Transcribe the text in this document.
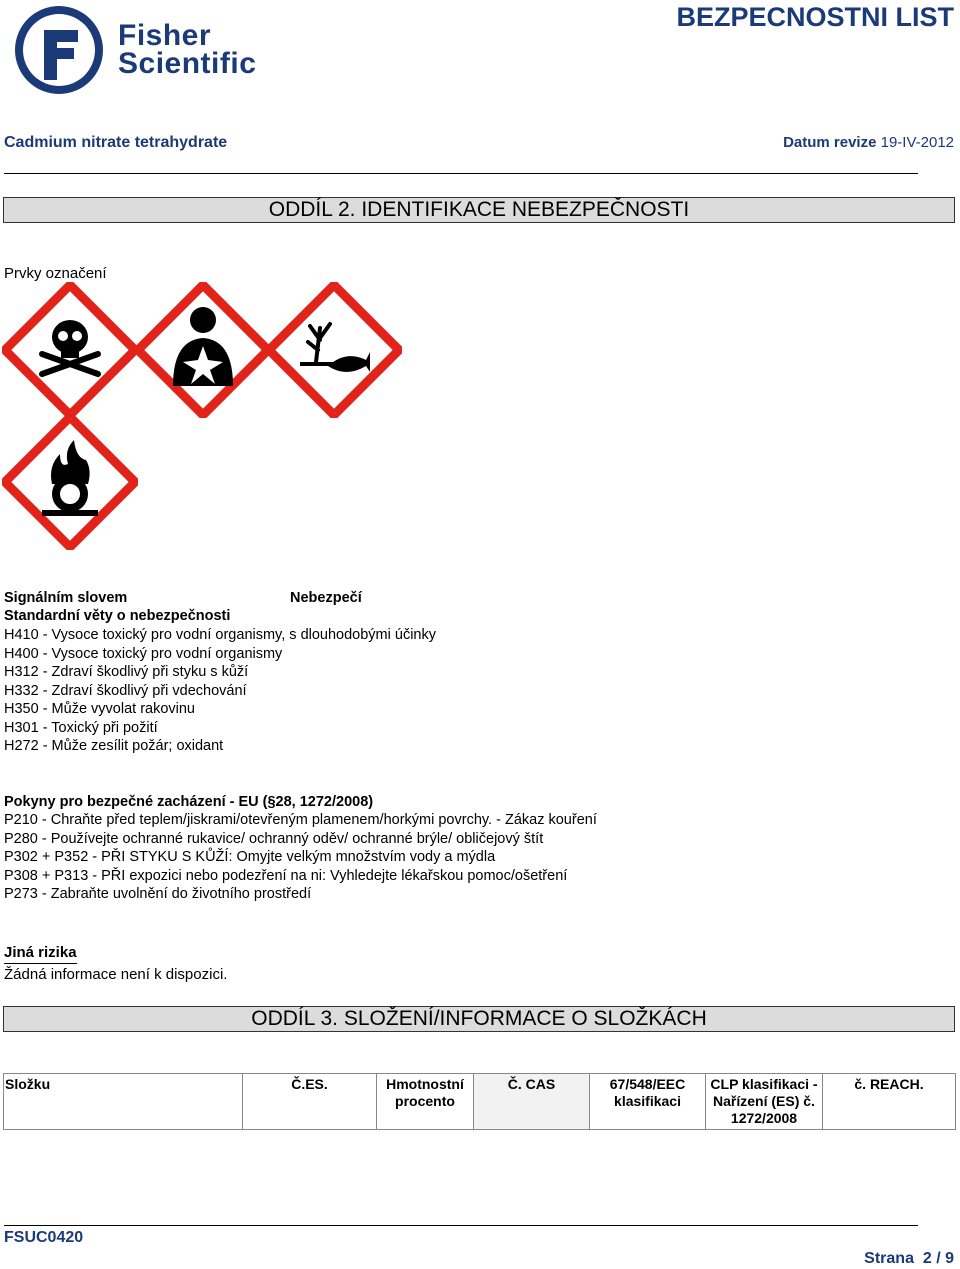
Fisher
Scientific
BEZPECNOSTNI LIST
Cadmium nitrate tetrahydrate	Datum revize 19-IV-2012
ODDÍL 2. IDENTIFIKACE NEBEZPEČNOSTI
Prvky označení
Signálním slovem	Nebezpečí
Standardní věty o nebezpečnosti
H410 - Vysoce toxický pro vodní organismy, s dlouhodobými účinky
H400 - Vysoce toxický pro vodní organismy
H312 - Zdraví škodlivý při styku s kůží
H332 - Zdraví škodlivý při vdechování
H350 - Může vyvolat rakovinu
H301 - Toxický při požití
H272 - Může zesílit požár; oxidant
Pokyny pro bezpečné zacházení - EU (§28, 1272/2008)
P210 - Chraňte před teplem/jiskrami/otevřeným plamenem/horkými povrchy. - Zákaz kouření
P280 - Používejte ochranné rukavice/ ochranný oděv/ ochranné brýle/ obličejový štít
P302 + P352 - PŘI STYKU S KŮŽÍ: Omyjte velkým množstvím vody a mýdla
P308 + P313 - PŘI expozici nebo podezření na ni: Vyhledejte lékařskou pomoc/ošetření
P273 - Zabraňte uvolnění do životního prostředí
Jiná rizika
Žádná informace není k dispozici.
ODDÍL 3. SLOŽENÍ/INFORMACE O SLOŽKÁCH
Složku	Č.ES.	Hmotnostní procento	Č. CAS	67/548/EEC klasifikaci	CLP klasifikaci - Nařízení (ES) č. 1272/2008	č. REACH.
FSUC0420
Strana 2 / 9
